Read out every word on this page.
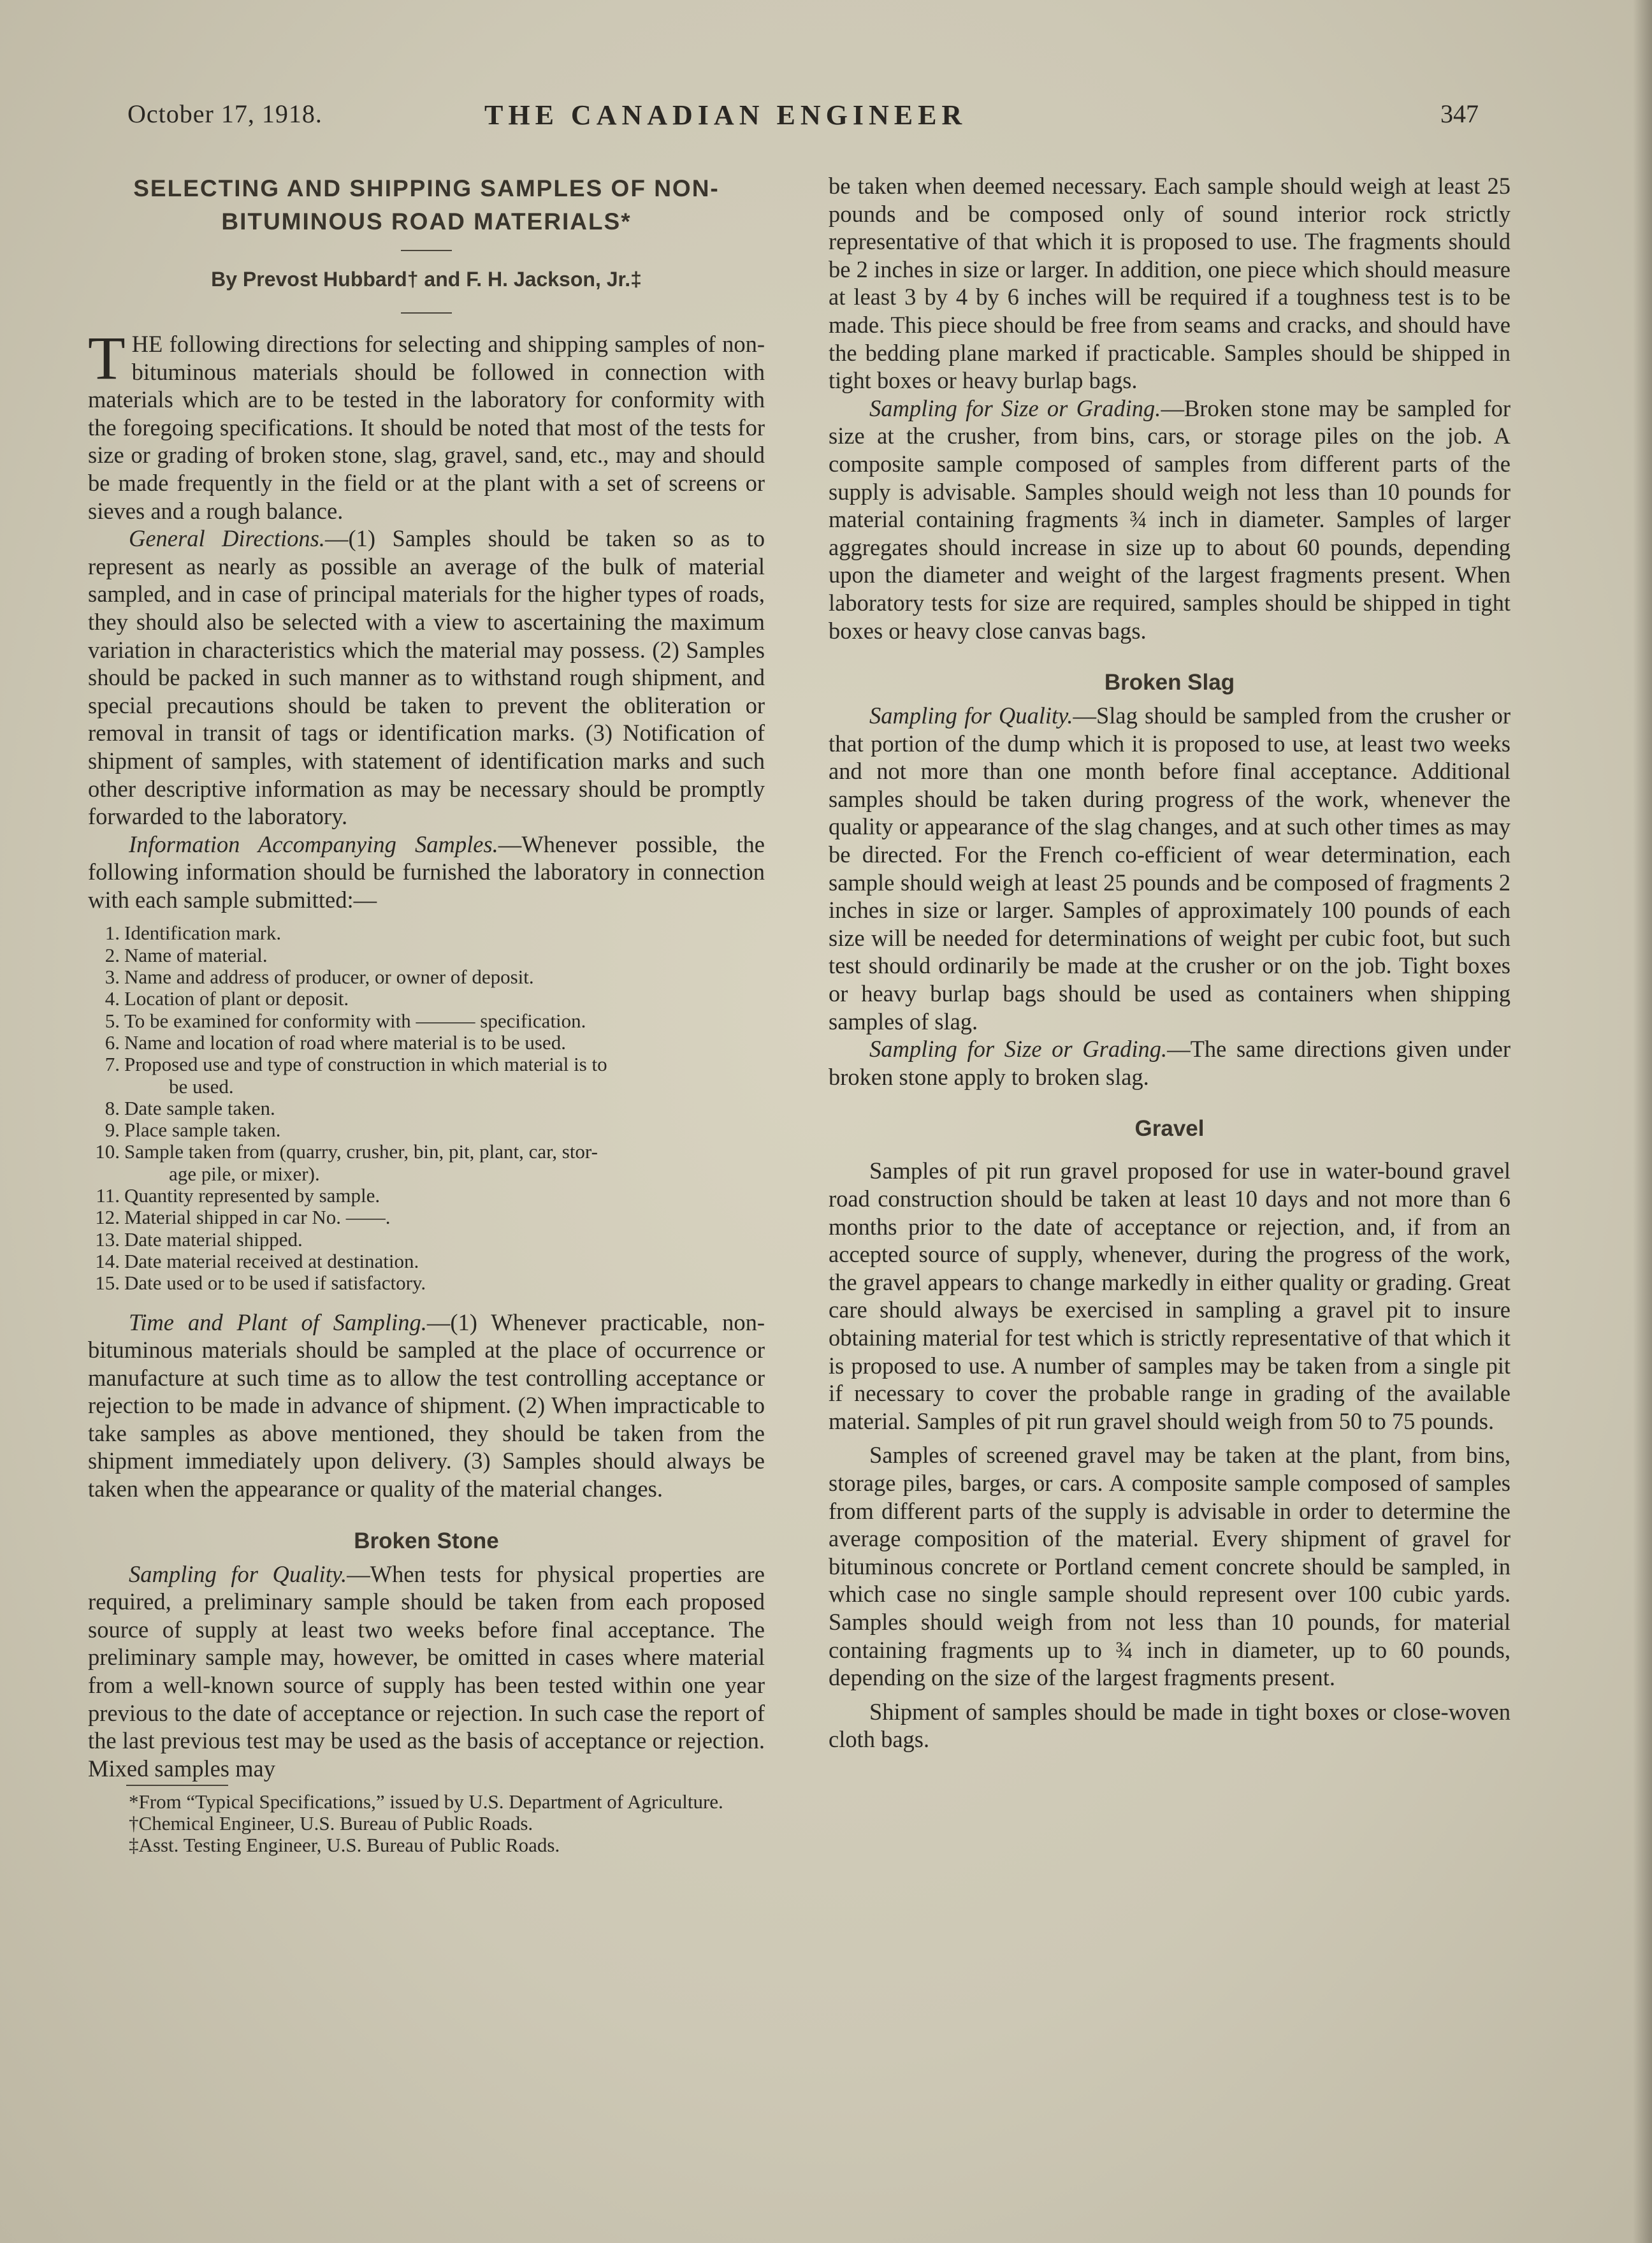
October 17, 1918.	THE CANADIAN ENGINEER	347
SELECTING AND SHIPPING SAMPLES OF NON-
BITUMINOUS ROAD MATERIALS*
By Prevost Hubbard† and F. H. Jackson, Jr.‡

THE following directions for selecting and shipping samples of non-bituminous materials should be followed in connection with materials which are to be tested in the laboratory for conformity with the foregoing specifications. It should be noted that most of the tests for size or grading of broken stone, slag, gravel, sand, etc., may and should be made frequently in the field or at the plant with a set of screens or sieves and a rough balance.

General Directions.—(1) Samples should be taken so as to represent as nearly as possible an average of the bulk of material sampled, and in case of principal materials for the higher types of roads, they should also be selected with a view to ascertaining the maximum variation in characteristics which the material may possess. (2) Samples should be packed in such manner as to withstand rough shipment, and special precautions should be taken to prevent the obliteration or removal in transit of tags or identification marks. (3) Notification of shipment of samples, with statement of identification marks and such other descriptive information as may be necessary should be promptly forwarded to the laboratory.

Information Accompanying Samples.—Whenever possible, the following information should be furnished the laboratory in connection with each sample submitted:—

1. Identification mark.
2. Name of material.
3. Name and address of producer, or owner of deposit.
4. Location of plant or deposit.
5. To be examined for conformity with ——— specification.
6. Name and location of road where material is to be used.
7. Proposed use and type of construction in which material is to
be used.
8. Date sample taken.
9. Place sample taken.
10. Sample taken from (quarry, crusher, bin, pit, plant, car, stor-
age pile, or mixer).
11. Quantity represented by sample.
12. Material shipped in car No. ——.
13. Date material shipped.
14. Date material received at destination.
15. Date used or to be used if satisfactory.

Time and Plant of Sampling.—(1) Whenever practicable, non-bituminous materials should be sampled at the place of occurrence or manufacture at such time as to allow the test controlling acceptance or rejection to be made in advance of shipment. (2) When impracticable to take samples as above mentioned, they should be taken from the shipment immediately upon delivery. (3) Samples should always be taken when the appearance or quality of the material changes.

Broken Stone

Sampling for Quality.—When tests for physical properties are required, a preliminary sample should be taken from each proposed source of supply at least two weeks before final acceptance. The preliminary sample may, however, be omitted in cases where material from a well-known source of supply has been tested within one year previous to the date of acceptance or rejection. In such case the report of the last previous test may be used as the basis of acceptance or rejection. Mixed samples may

*From “Typical Specifications,” issued by U.S. Department of Agriculture.

†Chemical Engineer, U.S. Bureau of Public Roads.

‡Asst. Testing Engineer, U.S. Bureau of Public Roads.

be taken when deemed necessary. Each sample should weigh at least 25 pounds and be composed only of sound interior rock strictly representative of that which it is proposed to use. The fragments should be 2 inches in size or larger. In addition, one piece which should measure at least 3 by 4 by 6 inches will be required if a toughness test is to be made. This piece should be free from seams and cracks, and should have the bedding plane marked if practicable. Samples should be shipped in tight boxes or heavy burlap bags.

Sampling for Size or Grading.—Broken stone may be sampled for size at the crusher, from bins, cars, or storage piles on the job. A composite sample composed of samples from different parts of the supply is advisable. Samples should weigh not less than 10 pounds for material containing fragments ¾ inch in diameter. Samples of larger aggregates should increase in size up to about 60 pounds, depending upon the diameter and weight of the largest fragments present. When laboratory tests for size are required, samples should be shipped in tight boxes or heavy close canvas bags.

Broken Slag

Sampling for Quality.—Slag should be sampled from the crusher or that portion of the dump which it is proposed to use, at least two weeks and not more than one month before final acceptance. Additional samples should be taken during progress of the work, whenever the quality or appearance of the slag changes, and at such other times as may be directed. For the French co-efficient of wear determination, each sample should weigh at least 25 pounds and be composed of fragments 2 inches in size or larger. Samples of approximately 100 pounds of each size will be needed for determinations of weight per cubic foot, but such test should ordinarily be made at the crusher or on the job. Tight boxes or heavy burlap bags should be used as containers when shipping samples of slag.

Sampling for Size or Grading.—The same directions given under broken stone apply to broken slag.

Gravel

Samples of pit run gravel proposed for use in water-bound gravel road construction should be taken at least 10 days and not more than 6 months prior to the date of acceptance or rejection, and, if from an accepted source of supply, whenever, during the progress of the work, the gravel appears to change markedly in either quality or grading. Great care should always be exercised in sampling a gravel pit to insure obtaining material for test which is strictly representative of that which it is proposed to use. A number of samples may be taken from a single pit if necessary to cover the probable range in grading of the available material. Samples of pit run gravel should weigh from 50 to 75 pounds.

Samples of screened gravel may be taken at the plant, from bins, storage piles, barges, or cars. A composite sample composed of samples from different parts of the supply is advisable in order to determine the average composition of the material. Every shipment of gravel for bituminous concrete or Portland cement concrete should be sampled, in which case no single sample should represent over 100 cubic yards. Samples should weigh from not less than 10 pounds, for material containing fragments up to ¾ inch in diameter, up to 60 pounds, depending on the size of the largest fragments present.

Shipment of samples should be made in tight boxes or close-woven cloth bags.
